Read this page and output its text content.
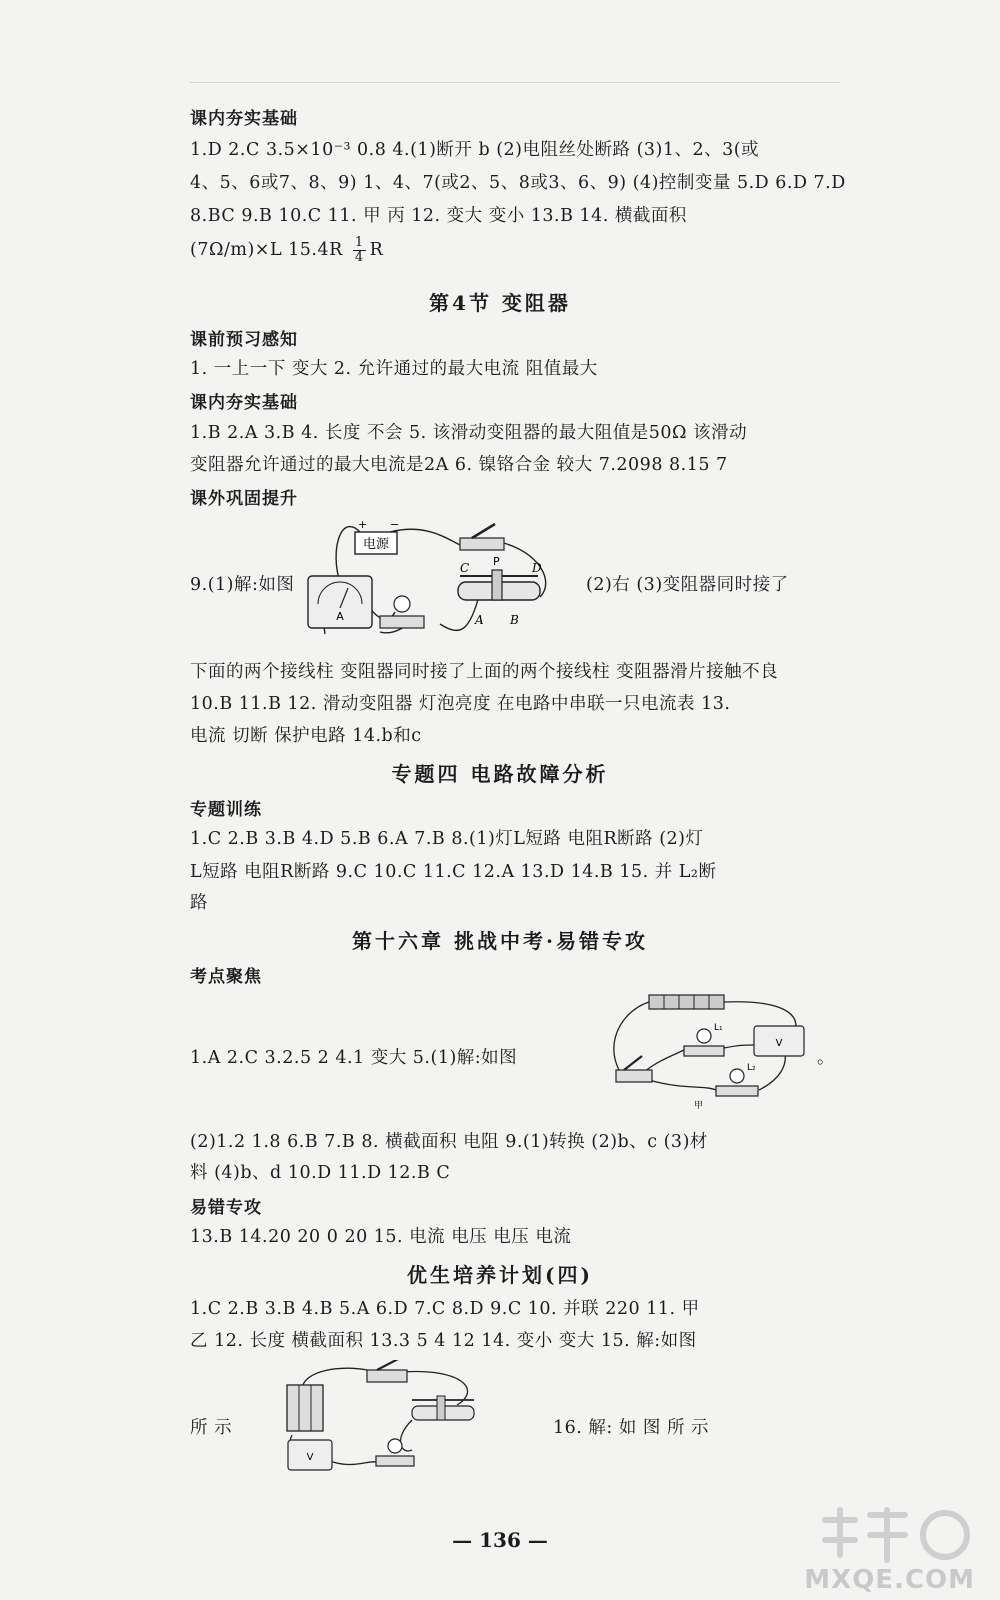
课内夯实基础
1.D 2.C 3.5×10⁻³ 0.8 4.(1)断开 b (2)电阻丝处断路 (3)1、2、3(或
4、5、6或7、8、9) 1、4、7(或2、5、8或3、6、9) (4)控制变量 5.D 6.D 7.D
8.BC 9.B 10.C 11. 甲 丙 12. 变大 变小 13.B 14. 横截面积
(7Ω/m)×L $15.4R \frac{1}{4}$ R
第4节 变阻器
课前预习感知
1. 一上一下 变大 2. 允许通过的最大电流 阻值最大
课内夯实基础
1.B 2.A 3.B 4. 长度 不会 5. 该滑动变阻器的最大阻值是50Ω 该滑动
变阻器允许通过的最大电流是2A 6. 镍铬合金 较大 7.2098 8.15 7
课外巩固提升
9.(1)解:如图	(2)右 (3)变阻器同时接了
电源
+ −
A
C P	D
A B
下面的两个接线柱 变阻器同时接了上面的两个接线柱 变阻器滑片接触不良
10.B 11.B 12. 滑动变阻器 灯泡亮度 在电路中串联一只电流表 13.
电流 切断 保护电路 14.b和c
专题四 电路故障分析
专题训练
1.C 2.B 3.B 4.D 5.B 6.A 7.B 8.(1)灯L短路 电阻R断路 (2)灯
L短路 电阻R断路 9.C 10.C 11.C 12.A 13.D 14.B 15. 并 L₂断
路
第十六章 挑战中考·易错专攻
考点聚焦
1.A 2.C 3.2.5 2 4.1 变大 5.(1)解:如图	。
L₁
V
L₂
甲
(2)1.2 1.8 6.B 7.B 8. 横截面积 电阻 9.(1)转换 (2)b、c (3)材
料 (4)b、d 10.D 11.D 12.B C
易错专攻
13.B 14.20 20 0 20 15. 电流 电压 电压 电流
优生培养计划(四)
1.C 2.B 3.B 4.B 5.A 6.D 7.C 8.D 9.C 10. 并联 220 11. 甲
乙 12. 长度 横截面积 13.3 5 4 12 14. 变小 变大 15. 解:如图
V
所 示	16. 解: 如 图 所 示
— 136 —
MXQE.COM
